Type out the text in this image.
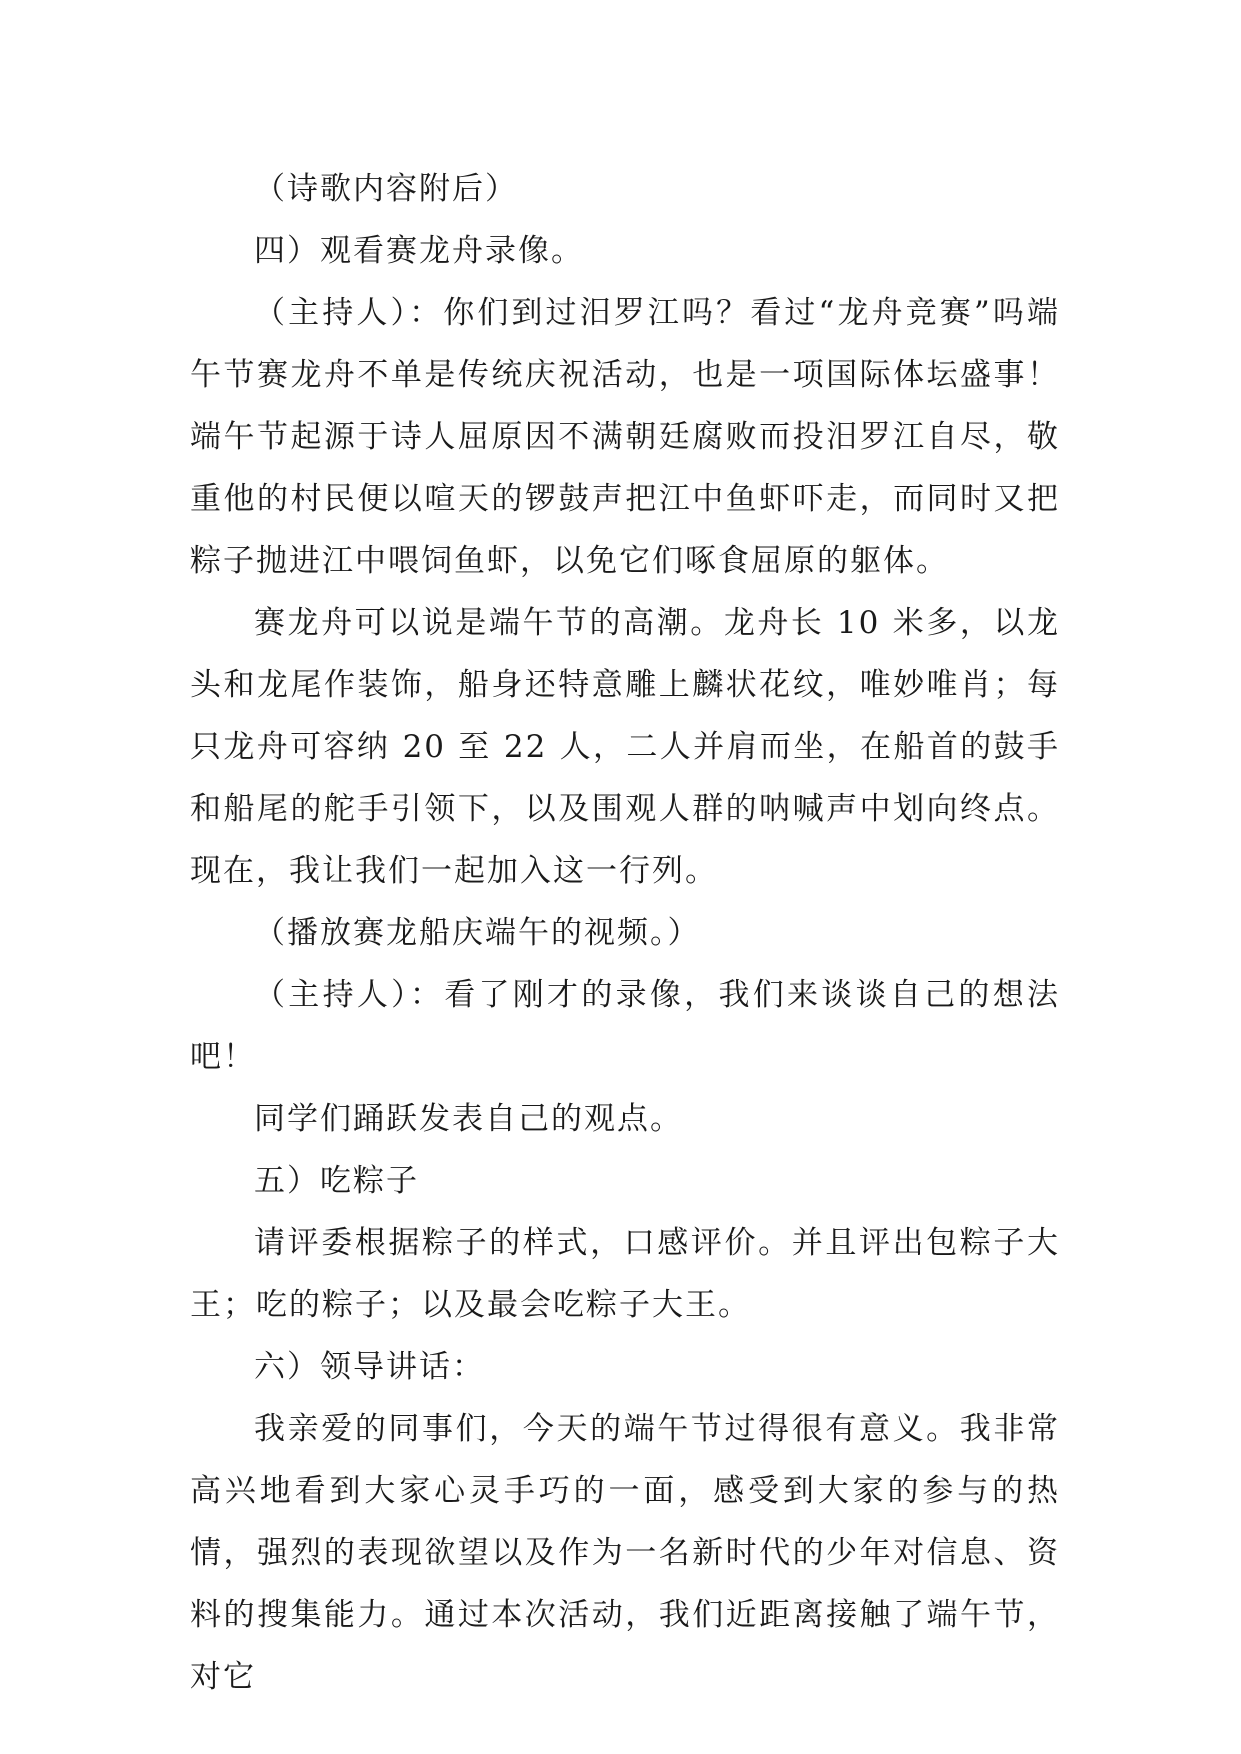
（诗歌内容附后）

四）观看赛龙舟录像。

（主持人）：你们到过汨罗江吗？看过“龙舟竞赛”吗端午节赛龙舟不单是传统庆祝活动，也是一项国际体坛盛事！端午节起源于诗人屈原因不满朝廷腐败而投汨罗江自尽，敬重他的村民便以喧天的锣鼓声把江中鱼虾吓走，而同时又把粽子抛进江中喂饲鱼虾，以免它们啄食屈原的躯体。

赛龙舟可以说是端午节的高潮。龙舟长 10 米多，以龙头和龙尾作装饰，船身还特意雕上麟状花纹，唯妙唯肖；每只龙舟可容纳 20 至 22 人，二人并肩而坐，在船首的鼓手和船尾的舵手引领下，以及围观人群的呐喊声中划向终点。现在，我让我们一起加入这一行列。

（播放赛龙船庆端午的视频。）

（主持人）：看了刚才的录像，我们来谈谈自己的想法吧！

同学们踊跃发表自己的观点。

五）吃粽子

请评委根据粽子的样式，口感评价。并且评出包粽子大王；吃的粽子；以及最会吃粽子大王。

六）领导讲话：

我亲爱的同事们，今天的端午节过得很有意义。我非常高兴地看到大家心灵手巧的一面，感受到大家的参与的热情，强烈的表现欲望以及作为一名新时代的少年对信息、资料的搜集能力。通过本次活动，我们近距离接触了端午节，对它
